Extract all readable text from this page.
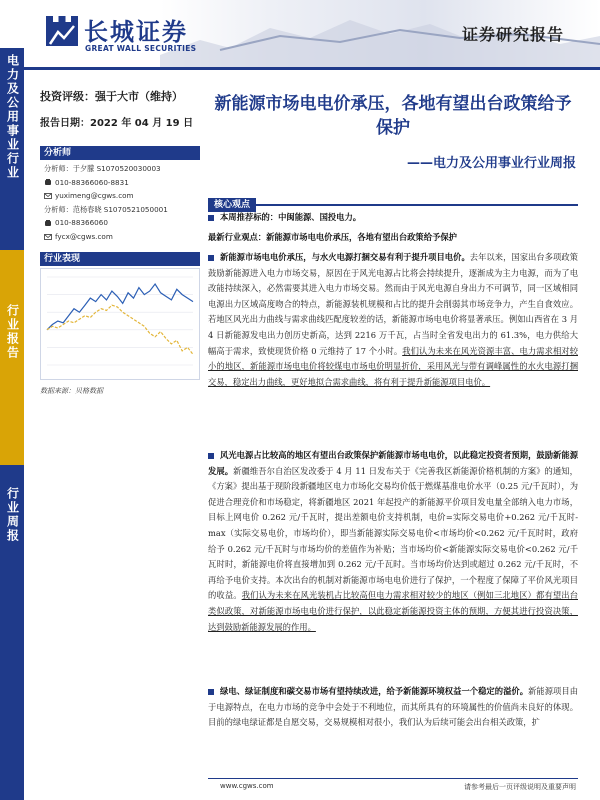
长城证券
GREAT WALL SECURITIES
证券研究报告
电力及公用事业行业
行业报告
行业周报
投资评级：强于大市（维持）
报告日期：2022 年 04 月 19 日
分析师
分析师：于夕朦 S1070520030003
010-88366060-8831
yuximeng@cgws.com
分析师：范杨春晓 S1070521050001
010-88366060
fycx@cgws.com
行业表现
数据来源：贝格数据
新能源市场电电价承压，各地有望出台政策给予保护
——电力及公用事业行业周报
核心观点

本周推荐标的：中闽能源、国投电力。

最新行业观点：新能源市场电电价承压，各地有望出台政策给予保护

新能源市场电电价承压，与水火电源打捆交易有利于提升项目电价。去年以来，国家出台多项政策鼓励新能源进入电力市场交易，原因在于风光电源占比将会持续提升，逐渐成为主力电源，而为了电改能持续深入，必然需要其进入电力市场交易。然而由于风光电源自身出力不可调节，同一区域相同电源出力区域高度吻合的特点，新能源装机规模和占比的提升会削弱其市场竞争力，产生自食效应。若地区风光出力曲线与需求曲线匹配度较差的话，新能源市场电电价将显著承压。例如山西省在 3 月 4 日新能源发电出力创历史新高，达到 2216 万千瓦，占当时全省发电出力的 61.3%，电力供给大幅高于需求，致使现货价格 0 元维持了 17 个小时。我们认为未来在风光资源丰富、电力需求相对较小的地区，新能源市场电电价将较煤电市场电价明显折价，采用风光与带有调峰属性的水火电源打捆交易，稳定出力曲线，更好地拟合需求曲线，将有利于提升新能源项目电价。

风光电源占比较高的地区有望出台政策保护新能源市场电电价，以此稳定投资者预期，鼓励新能源发展。新疆维吾尔自治区发改委于 4 月 11 日发布关于《完善我区新能源价格机制的方案》的通知，《方案》提出基于现阶段新疆地区电力市场化交易均价低于燃煤基准电价水平（0.25 元/千瓦时），为促进合理竞价和市场稳定，将新疆地区 2021 年起投产的新能源平价项目发电量全部纳入电力市场，目标上网电价 0.262 元/千瓦时，提出差额电价支持机制，电价=实际交易电价+0.262 元/千瓦时- max（实际交易电价，市场均价），即当新能源实际交易电价<市场均价<0.262 元/千瓦时时，政府给予 0.262 元/千瓦时与市场均价的差值作为补贴；当市场均价<新能源实际交易电价<0.262 元/千瓦时时，新能源电价将直接增加到 0.262 元/千瓦时。当市场均价达到或超过 0.262 元/千瓦时，不再给予电价支持。本次出台的机制对新能源市场电电价进行了保护，一个程度了保障了平价风光项目的收益。我们认为未来在风光装机占比较高但电力需求相对较少的地区（例如三北地区）都有望出台类似政策，对新能源市场电电价进行保护，以此稳定新能源投资主体的预期，方便其进行投资决策，达到鼓励新能源发展的作用。

绿电、绿证制度和碳交易市场有望持续改进，给予新能源环境权益一个稳定的溢价。新能源项目由于电源特点，在电力市场的竞争中会处于不利地位，而其所具有的环境属性的价值尚未良好的体现。目前的绿电绿证都是自愿交易，交易规模相对很小，我们认为后续可能会出台相关政策，扩

www.cgws.com	请参考最后一页评级说明及重要声明
